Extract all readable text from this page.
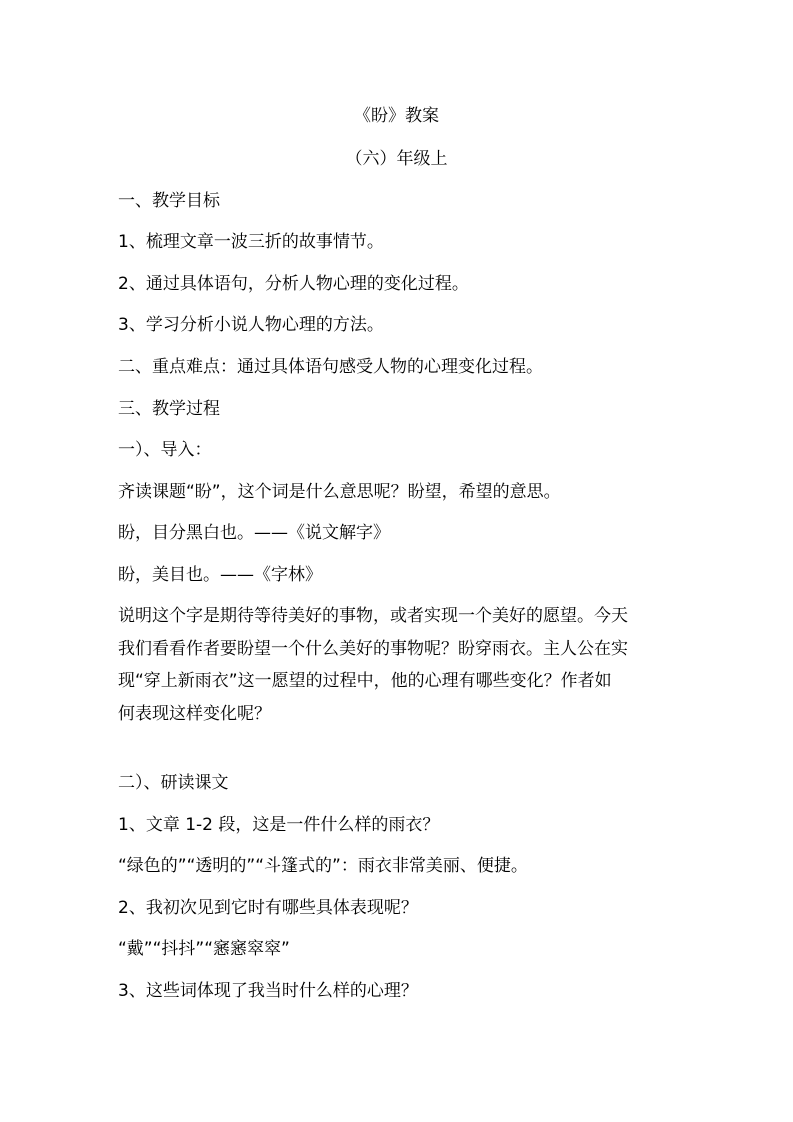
《盼》教案
（六）年级上
一、教学目标
1、梳理文章一波三折的故事情节。
2、通过具体语句，分析人物心理的变化过程。
3、学习分析小说人物心理的方法。
二、重点难点：通过具体语句感受人物的心理变化过程。
三、教学过程
一）、导入：
齐读课题“盼”，这个词是什么意思呢？盼望，希望的意思。
盼，目分黑白也。——《说文解字》
盼，美目也。——《字林》
说明这个字是期待等待美好的事物，或者实现一个美好的愿望。今天
我们看看作者要盼望一个什么美好的事物呢？盼穿雨衣。主人公在实
现“穿上新雨衣”这一愿望的过程中，他的心理有哪些变化？作者如
何表现这样变化呢？
二）、研读课文
1、文章 1-2 段，这是一件什么样的雨衣？
“绿色的”“透明的”“斗篷式的”：雨衣非常美丽、便捷。
2、我初次见到它时有哪些具体表现呢？
“戴”“抖抖”“窸窸窣窣”
3、这些词体现了我当时什么样的心理？
